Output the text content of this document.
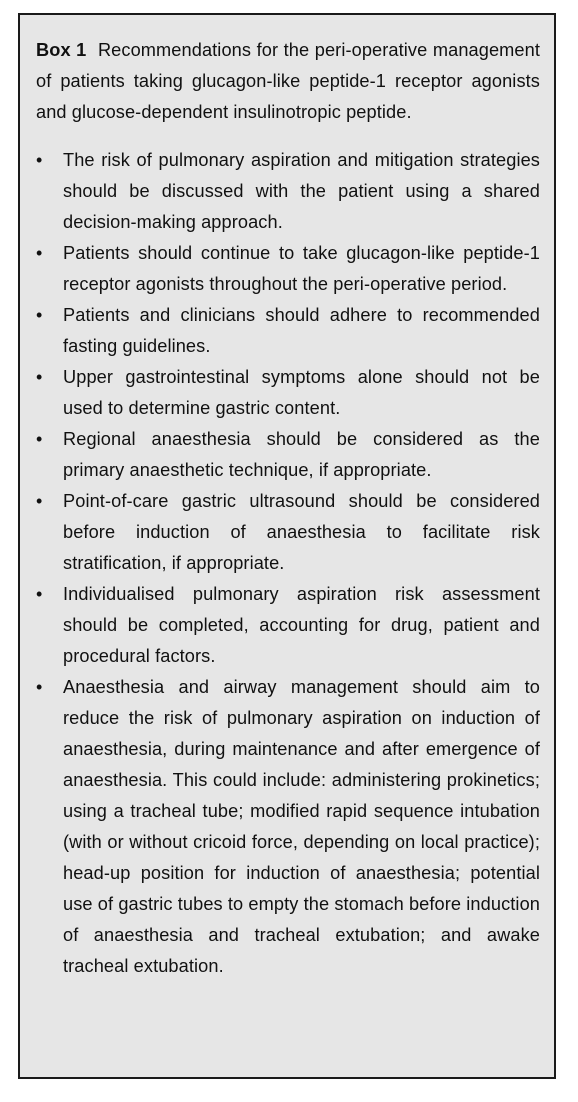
Box 1 Recommendations for the peri-operative management of patients taking glucagon-like peptide-1 receptor agonists and glucose-dependent insulinotropic peptide.

•	The risk of pulmonary aspiration and mitigation strategies should be discussed with the patient using a shared decision-making approach.
•	Patients should continue to take glucagon-like peptide-1 receptor agonists throughout the peri-operative period.
•	Patients and clinicians should adhere to recommended fasting guidelines.
•	Upper gastrointestinal symptoms alone should not be used to determine gastric content.
•	Regional anaesthesia should be considered as the primary anaesthetic technique, if appropriate.
•	Point-of-care gastric ultrasound should be considered before induction of anaesthesia to facilitate risk stratification, if appropriate.
•	Individualised pulmonary aspiration risk assessment should be completed, accounting for drug, patient and procedural factors.
•	Anaesthesia and airway management should aim to reduce the risk of pulmonary aspiration on induction of anaesthesia, during maintenance and after emergence of anaesthesia. This could include: administering prokinetics; using a tracheal tube; modified rapid sequence intubation (with or without cricoid force, depending on local practice); head-up position for induction of anaesthesia; potential use of gastric tubes to empty the stomach before induction of anaesthesia and tracheal extubation; and awake tracheal extubation.
